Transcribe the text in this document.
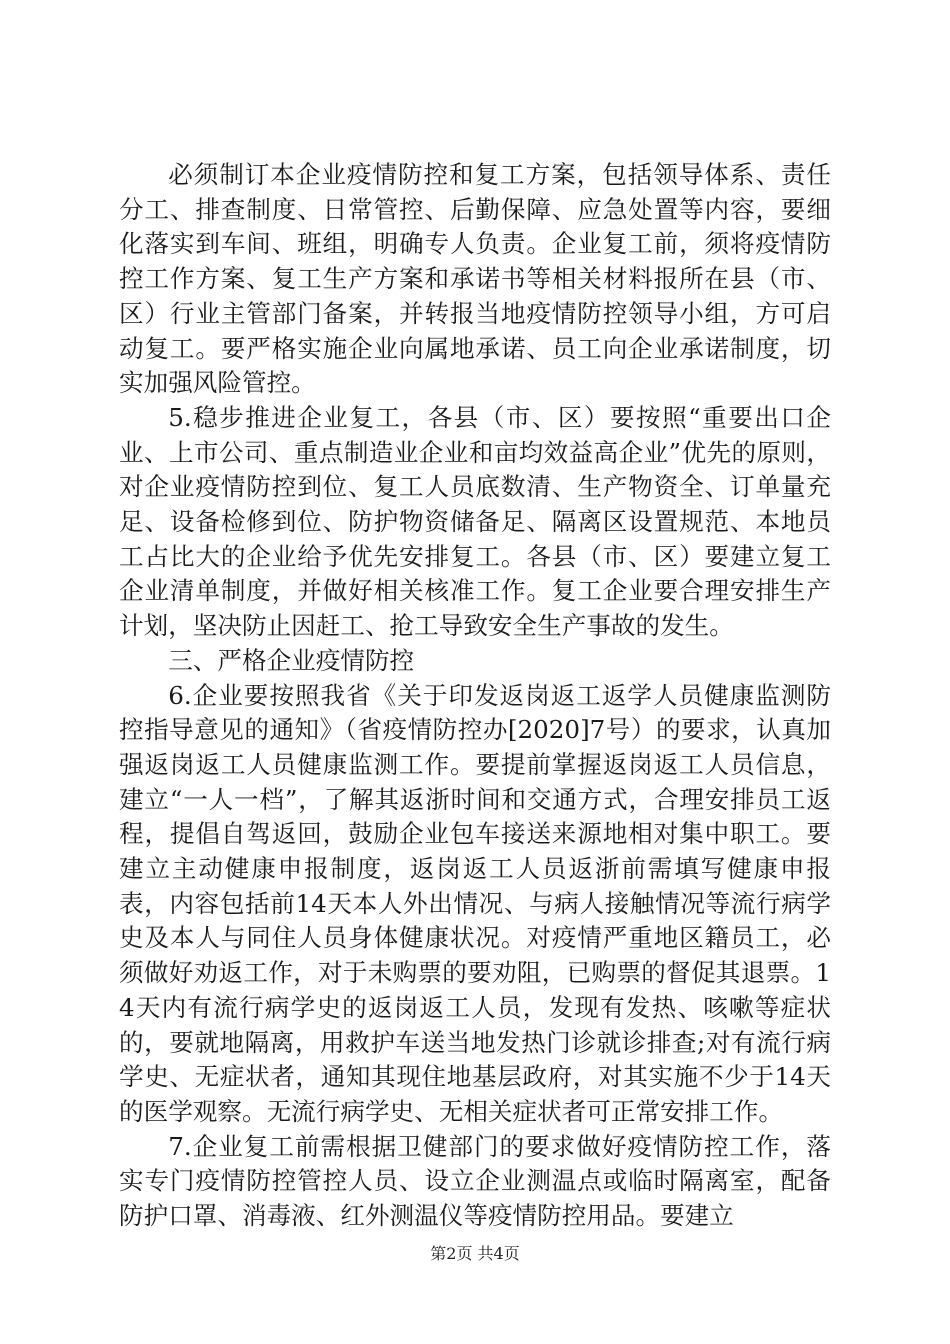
必须制订本企业疫情防控和复工方案，包括领导体系、责任分工、排查制度、日常管控、后勤保障、应急处置等内容，要细化落实到车间、班组，明确专人负责。企业复工前，须将疫情防控工作方案、复工生产方案和承诺书等相关材料报所在县（市、区）行业主管部门备案，并转报当地疫情防控领导小组，方可启动复工。要严格实施企业向属地承诺、员工向企业承诺制度，切实加强风险管控。

5.稳步推进企业复工，各县（市、区）要按照“重要出口企业、上市公司、重点制造业企业和亩均效益高企业”优先的原则，对企业疫情防控到位、复工人员底数清、生产物资全、订单量充足、设备检修到位、防护物资储备足、隔离区设置规范、本地员工占比大的企业给予优先安排复工。各县（市、区）要建立复工企业清单制度，并做好相关核准工作。复工企业要合理安排生产计划，坚决防止因赶工、抢工导致安全生产事故的发生。

三、严格企业疫情防控

6.企业要按照我省《关于印发返岗返工返学人员健康监测防控指导意见的通知》（省疫情防控办[2020]7号）的要求，认真加强返岗返工人员健康监测工作。要提前掌握返岗返工人员信息，建立“一人一档”，了解其返浙时间和交通方式，合理安排员工返程，提倡自驾返回，鼓励企业包车接送来源地相对集中职工。要建立主动健康申报制度，返岗返工人员返浙前需填写健康申报表，内容包括前14天本人外出情况、与病人接触情况等流行病学史及本人与同住人员身体健康状况。对疫情严重地区籍员工，必须做好劝返工作，对于未购票的要劝阻，已购票的督促其退票。14天内有流行病学史的返岗返工人员，发现有发热、咳嗽等症状的，要就地隔离，用救护车送当地发热门诊就诊排查;对有流行病学史、无症状者，通知其现住地基层政府，对其实施不少于14天的医学观察。无流行病学史、无相关症状者可正常安排工作。

7.企业复工前需根据卫健部门的要求做好疫情防控工作，落实专门疫情防控管控人员、设立企业测温点或临时隔离室，配备防护口罩、消毒液、红外测温仪等疫情防控用品。要建立

第2页 共4页
